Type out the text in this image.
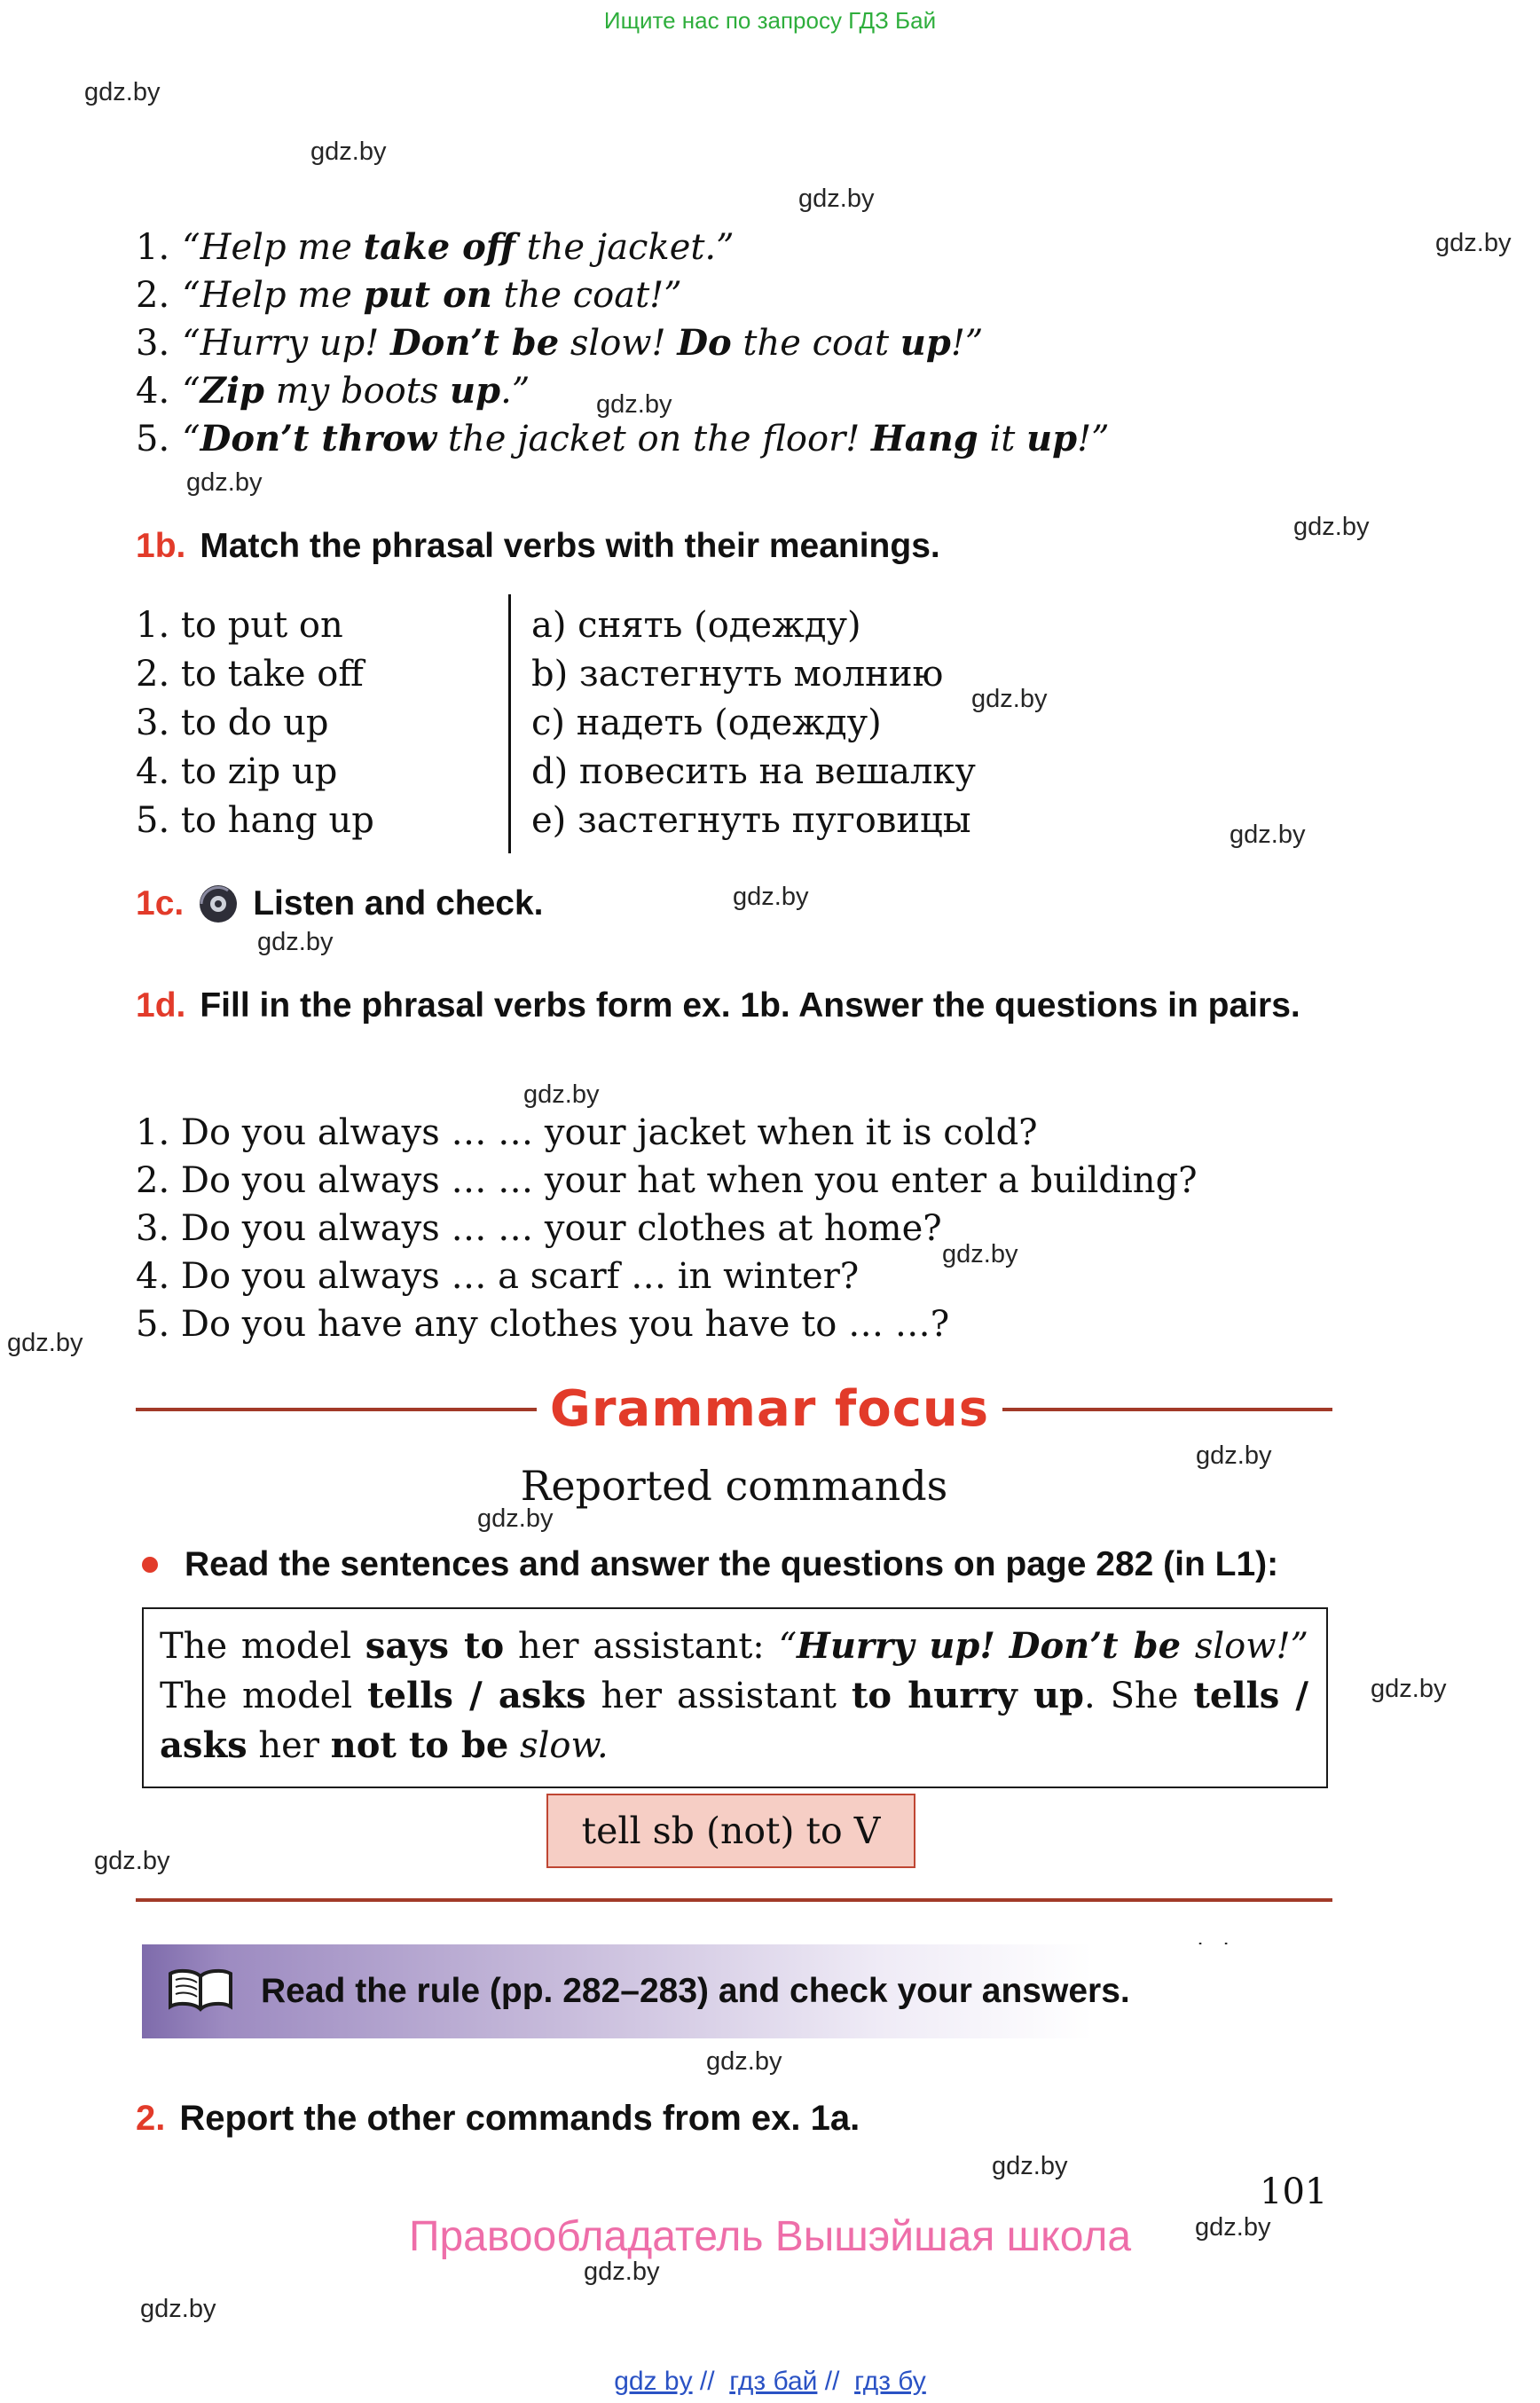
gdz.by
gdz.by
gdz.by
gdz.by
gdz.by
gdz.by
gdz.by
gdz.by
gdz.by
gdz.by
gdz.by
gdz.by
gdz.by
gdz.by
gdz.by
gdz.by
gdz.by
gdz.by
gdz.by
gdz.by
gdz.by
gdz.by
gdz.by
Ищите нас по запросу ГДЗ Бай
1. “Help me take off the jacket.”
2. “Help me put on the coat!”
3. “Hurry up! Don’t be slow! Do the coat up!”
4. “Zip my boots up.”
5. “Don’t throw the jacket on the floor! Hang it up!”
1b. Match the phrasal verbs with their meanings.
1. to put on
2. to take off
3. to do up
4. to zip up
5. to hang up
a) снять (одежду)
b) застегнуть молнию
c) надеть (одежду)
d) повесить на вешалку
e) застегнуть пуговицы
1c. Listen and check.

1d. Fill in the phrasal verbs form ex. 1b. Answer the questions in pairs.

1. Do you always … … your jacket when it is cold?
2. Do you always … … your hat when you enter a building?
3. Do you always … … your clothes at home?
4. Do you always … a scarf … in winter?
5. Do you have any clothes you have to … …?
Grammar focus
Reported commands
Read the sentences and answer the questions on page 282 (in L1):
The model says to her assistant: “Hurry up! Don’t be slow!” The model tells / asks her assistant to hurry up. She tells / asks her not to be slow.
tell sb (not) to V
Read the rule (pp. 282–283) and check your answers.
2. Report the other commands from ex. 1a.
101
Правообладатель Вышэйшая школа
gdz by //  гдз бай //  гдз бу
